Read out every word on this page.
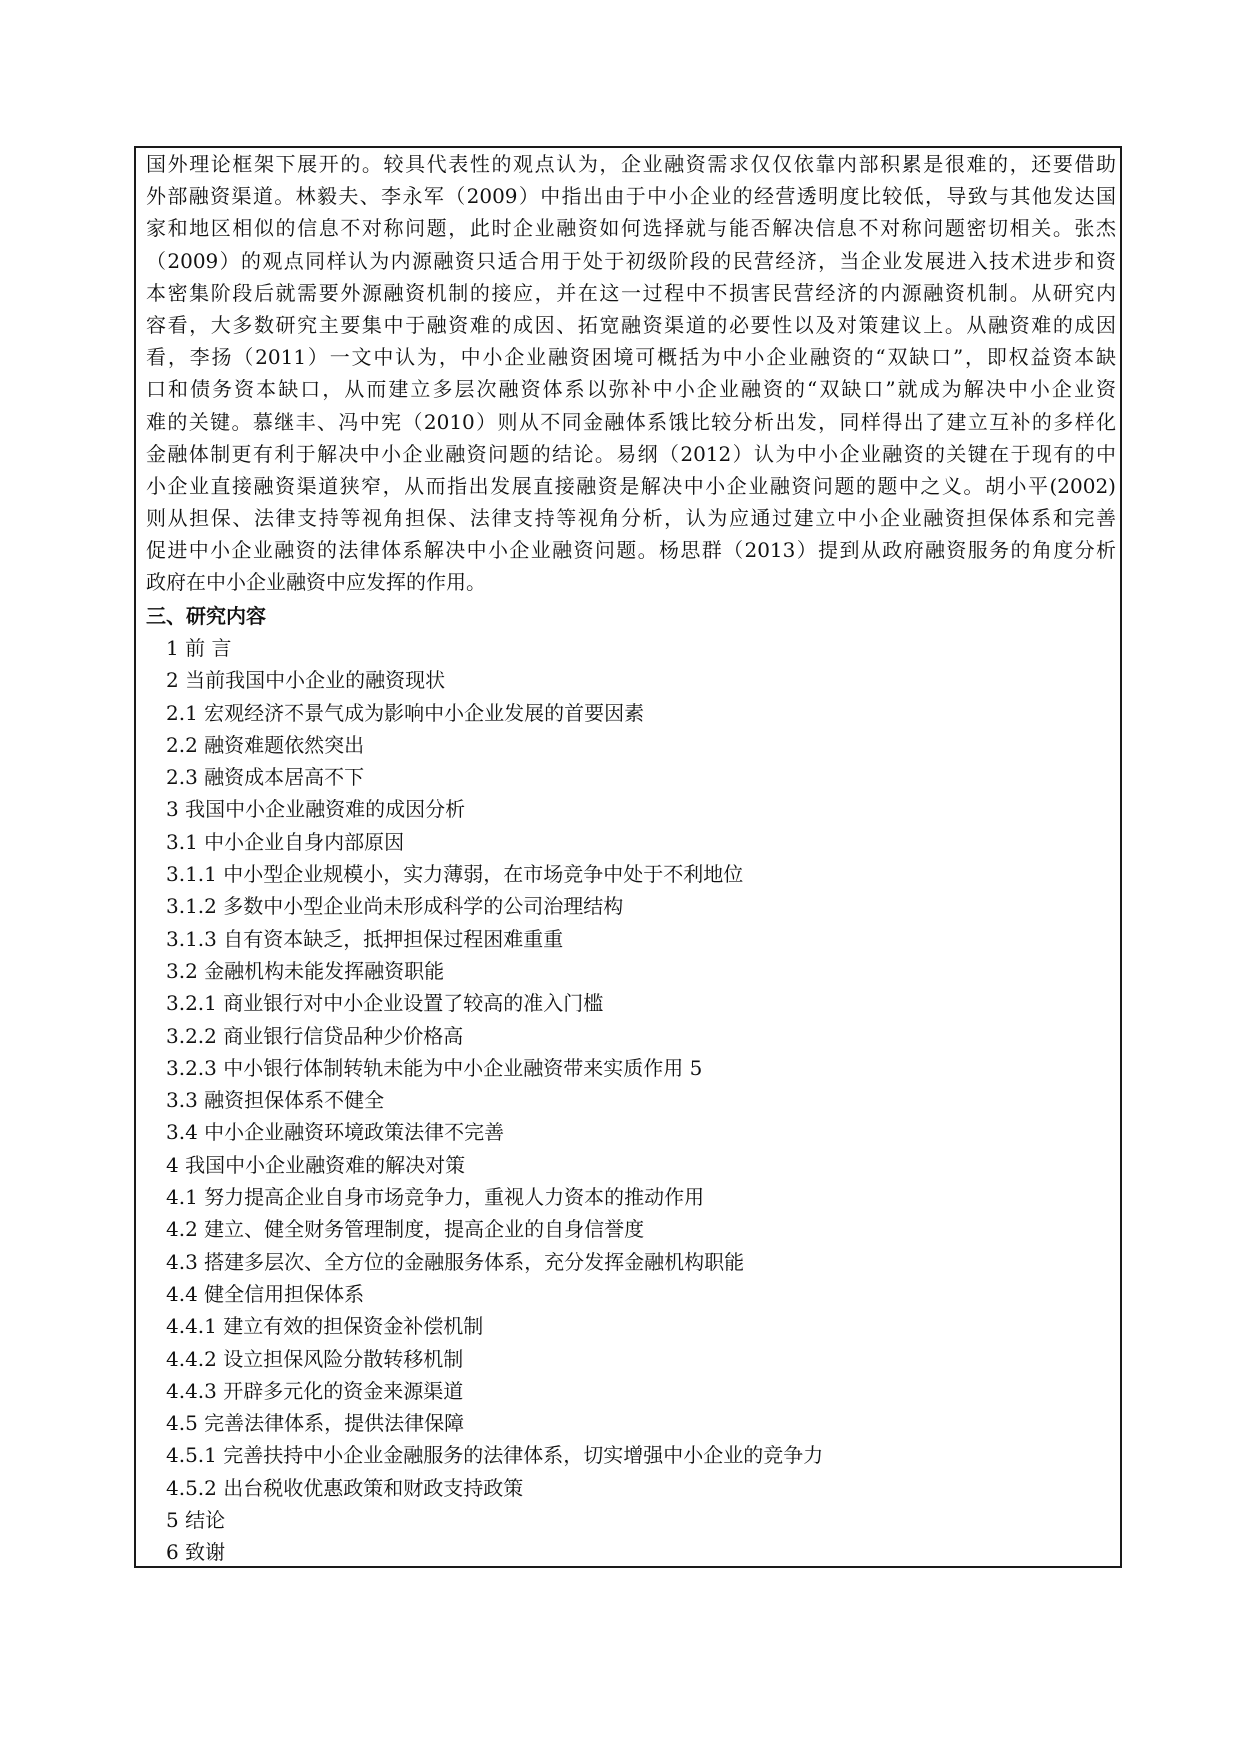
国外理论框架下展开的。较具代表性的观点认为，企业融资需求仅仅依靠内部积累是很难的，还要借助
外部融资渠道。林毅夫、李永军（2009）中指出由于中小企业的经营透明度比较低，导致与其他发达国
家和地区相似的信息不对称问题，此时企业融资如何选择就与能否解决信息不对称问题密切相关。张杰
（2009）的观点同样认为内源融资只适合用于处于初级阶段的民营经济，当企业发展进入技术进步和资
本密集阶段后就需要外源融资机制的接应，并在这一过程中不损害民营经济的内源融资机制。从研究内
容看，大多数研究主要集中于融资难的成因、拓宽融资渠道的必要性以及对策建议上。从融资难的成因
看，李扬（2011）一文中认为，中小企业融资困境可概括为中小企业融资的“双缺口”，即权益资本缺
口和债务资本缺口，从而建立多层次融资体系以弥补中小企业融资的“双缺口”就成为解决中小企业资
难的关键。慕继丰、冯中宪（2010）则从不同金融体系饿比较分析出发，同样得出了建立互补的多样化
金融体制更有利于解决中小企业融资问题的结论。易纲（2012）认为中小企业融资的关键在于现有的中
小企业直接融资渠道狭窄，从而指出发展直接融资是解决中小企业融资问题的题中之义。胡小平(2002)
则从担保、法律支持等视角担保、法律支持等视角分析，认为应通过建立中小企业融资担保体系和完善
促进中小企业融资的法律体系解决中小企业融资问题。杨思群（2013）提到从政府融资服务的角度分析
政府在中小企业融资中应发挥的作用。
三、研究内容
1 前 言
2 当前我国中小企业的融资现状
2.1 宏观经济不景气成为影响中小企业发展的首要因素
2.2 融资难题依然突出
2.3 融资成本居高不下
3 我国中小企业融资难的成因分析
3.1 中小企业自身内部原因
3.1.1 中小型企业规模小，实力薄弱，在市场竞争中处于不利地位
3.1.2 多数中小型企业尚未形成科学的公司治理结构
3.1.3 自有资本缺乏，抵押担保过程困难重重
3.2 金融机构未能发挥融资职能
3.2.1 商业银行对中小企业设置了较高的准入门槛
3.2.2 商业银行信贷品种少价格高
3.2.3 中小银行体制转轨未能为中小企业融资带来实质作用 5
3.3 融资担保体系不健全
3.4 中小企业融资环境政策法律不完善
4 我国中小企业融资难的解决对策
4.1 努力提高企业自身市场竞争力，重视人力资本的推动作用
4.2 建立、健全财务管理制度，提高企业的自身信誉度
4.3 搭建多层次、全方位的金融服务体系，充分发挥金融机构职能
4.4 健全信用担保体系
4.4.1 建立有效的担保资金补偿机制
4.4.2 设立担保风险分散转移机制
4.4.3 开辟多元化的资金来源渠道
4.5 完善法律体系，提供法律保障
4.5.1 完善扶持中小企业金融服务的法律体系，切实增强中小企业的竞争力
4.5.2 出台税收优惠政策和财政支持政策
5 结论
6 致谢
